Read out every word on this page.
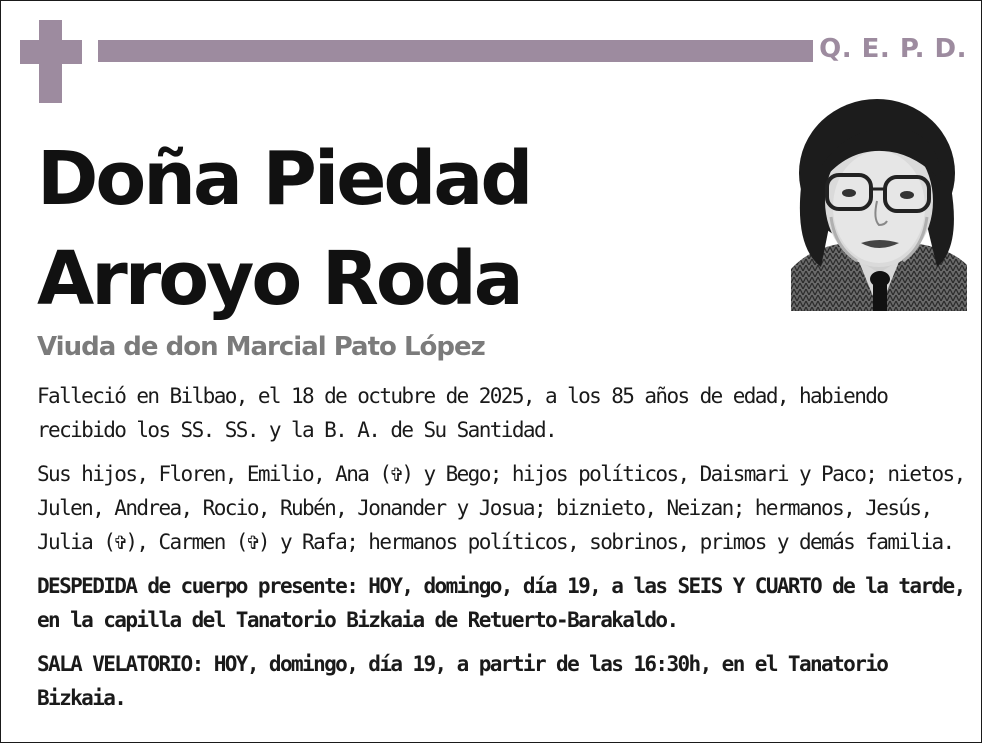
Q. E. P. D.
Doña Piedad
Arroyo Roda
Viuda de don Marcial Pato López

Falleció en Bilbao, el 18 de octubre de 2025, a los 85 años de edad, habiendo recibido los SS. SS. y la B. A. de Su Santidad.

Sus hijos, Floren, Emilio, Ana (✞) y Bego; hijos políticos, Daismari y Paco; nietos, Julen, Andrea, Rocio, Rubén, Jonander y Josua; biznieto, Neizan; hermanos, Jesús, Julia (✞), Carmen (✞) y Rafa; hermanos políticos, sobrinos, primos y demás familia.

DESPEDIDA de cuerpo presente: HOY, domingo, día 19, a las SEIS Y CUARTO de la tarde, en la capilla del Tanatorio Bizkaia de Retuerto-Barakaldo.

SALA VELATORIO: HOY, domingo, día 19, a partir de las 16:30h, en el Tanatorio Bizkaia.
